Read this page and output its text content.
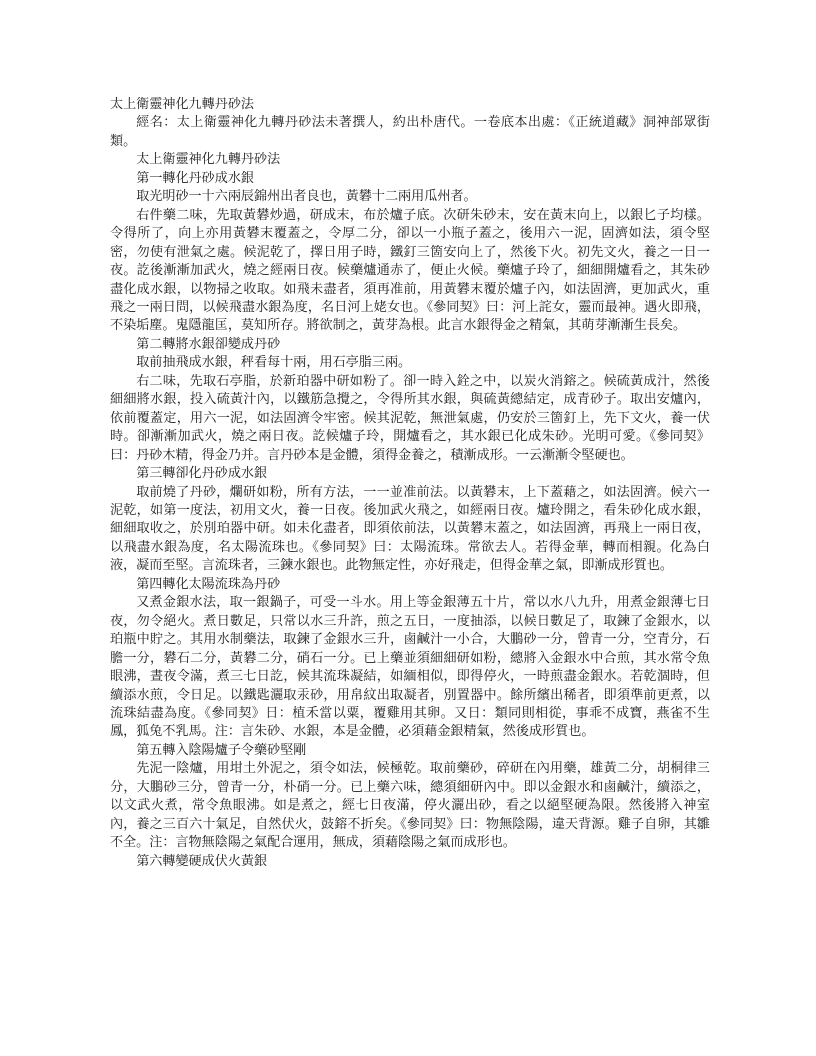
太上衛靈神化九轉丹砂法

經名：太上衛靈神化九轉丹砂法未著撰人，約出朴唐代。一卷底本出處：《正統道藏》洞神部眾街類。

太上衛靈神化九轉丹砂法

第一轉化丹砂成水銀

取光明砂一十六兩辰錦州出者良也，黃礬十二兩用瓜州者。

右件藥二味，先取黃礬炒過，研成末，布於爐子底。次研朱砂末，安在黃末向上，以銀匕子均樣。令得所了，向上亦用黃礬末覆蓋之，令厚二分，卻以一小瓶子蓋之，後用六一泥，固濟如法，須令堅密，勿使有泄氣之處。候泥乾了，擇日用子時，鐵釘三箇安向上了，然後下火。初先文火，養之一日一夜。訖後漸漸加武火，燒之經兩日夜。候藥爐通赤了，便止火候。藥爐子玲了，細細開爐看之，其朱砂盡化成水銀，以物掃之收取。如飛未盡者，須再准前，用黃礬末覆於爐子內，如法固濟，更加武火，重飛之一兩日問，以候飛盡水銀為度，名日河上姥女也。《參同契》曰：河上詫女，靈而最神。遇火即飛，不染垢塵。鬼隱龍匡，莫知所存。將欲制之，黃芽為根。此言水銀得金之精氣，其萌芽漸漸生長矣。

第二轉將水銀卻變成丹砂

取前抽飛成水銀，秤看每十兩，用石亭脂三兩。

右二味，先取石亭脂，於新珀器中研如粉了。卻一時入銓之中，以炭火消鎔之。候硫黃成汁，然後細細將水銀，投入硫黃汁內，以鐵筋急攪之，令得所其水銀，與硫黃總結定，成青砂子。取出安爐內，依前覆蓋定，用六一泥，如法固濟令牢密。候其泥乾，無泄氣處，仍安於三箇釘上，先下文火，養一伏時。卻漸漸加武火，燒之兩日夜。訖候爐子玲，開爐看之，其水銀已化成朱砂。光明可愛。《參同契》曰：丹砂木精，得金乃并。言丹砂本是金體，須得金養之，積漸成形。一云漸漸令堅硬也。

第三轉卻化丹砂成水銀

取前燒了丹砂，爛研如粉，所有方法，一一並准前法。以黃礬末，上下蓋藉之，如法固濟。候六一泥乾，如第一度法，初用文火，養一日夜。後加武火飛之，如經兩日夜。爐玲開之，看朱砂化成水銀，細細取收之，於別珀器中研。如未化盡者，即須依前法，以黃礬末蓋之，如法固濟，再飛上一兩日夜，以飛盡水銀為度，名太陽流珠也。《參同契》曰：太陽流珠。常欲去人。若得金華，轉而相親。化為白液，凝而至堅。言流珠者，三鍊水銀也。此物無定性，亦好飛走，但得金華之氣，即漸成形質也。

第四轉化太陽流珠為丹砂

又煮金銀水法，取一銀鍋子，可受一斗水。用上等金銀薄五十片，常以水八九升，用煮金銀薄七日夜，勿令絕火。煮日數足，只常以水三升許，煎之五日，一度抽添，以候日數足了，取鍊了金銀水，以珀瓶中貯之。其用水制藥法，取鍊了金銀水三升，鹵鹹汁一小合，大鵬砂一分，曾青一分，空青分，石膽一分，礬石二分，黃礬二分，硝石一分。已上藥並須細細研如粉，總將入金銀水中合煎，其水常令魚眼沸，晝夜令滿，煮三七日訖，候其流珠凝結，如緬相似，即得停火，一時煎盡金銀水。若乾涸時，但續添水煎，令日足。以鐵匙灑取汞砂，用帛紋出取凝者，別置器中。餘所繽出稀者，即須準前更煮，以流珠結盡為度。《參同契》日：植禾當以粟，覆雞用其卵。又日：類同則相從，事乖不成寶，燕雀不生鳳，狐兔不乳馬。注：言朱砂、水銀，本是金體，必須藉金銀精氣，然後成形質也。

第五轉入陰陽爐子令藥砂堅剛

先泥一陰爐，用坩土外泥之，須令如法，候極乾。取前藥砂，碎研在內用藥，雄黃二分，胡桐律三分，大鵬砂三分，曾青一分，朴硝一分。已上藥六味，總須細研內中。即以金銀水和鹵鹹汁，續添之，以文武火煮，常令魚眼沸。如是煮之，經七日夜滿，停火灑出砂，看之以絕堅硬為限。然後將入神室內，養之三百六十氣足，自然伏火，鼓鎔不折矣。《參同契》曰：物無陰陽，違天背源。雞子自卵，其雛不全。注：言物無陰陽之氣配合運用，無成，須藉陰陽之氣而成形也。

第六轉變硬成伏火黃銀
